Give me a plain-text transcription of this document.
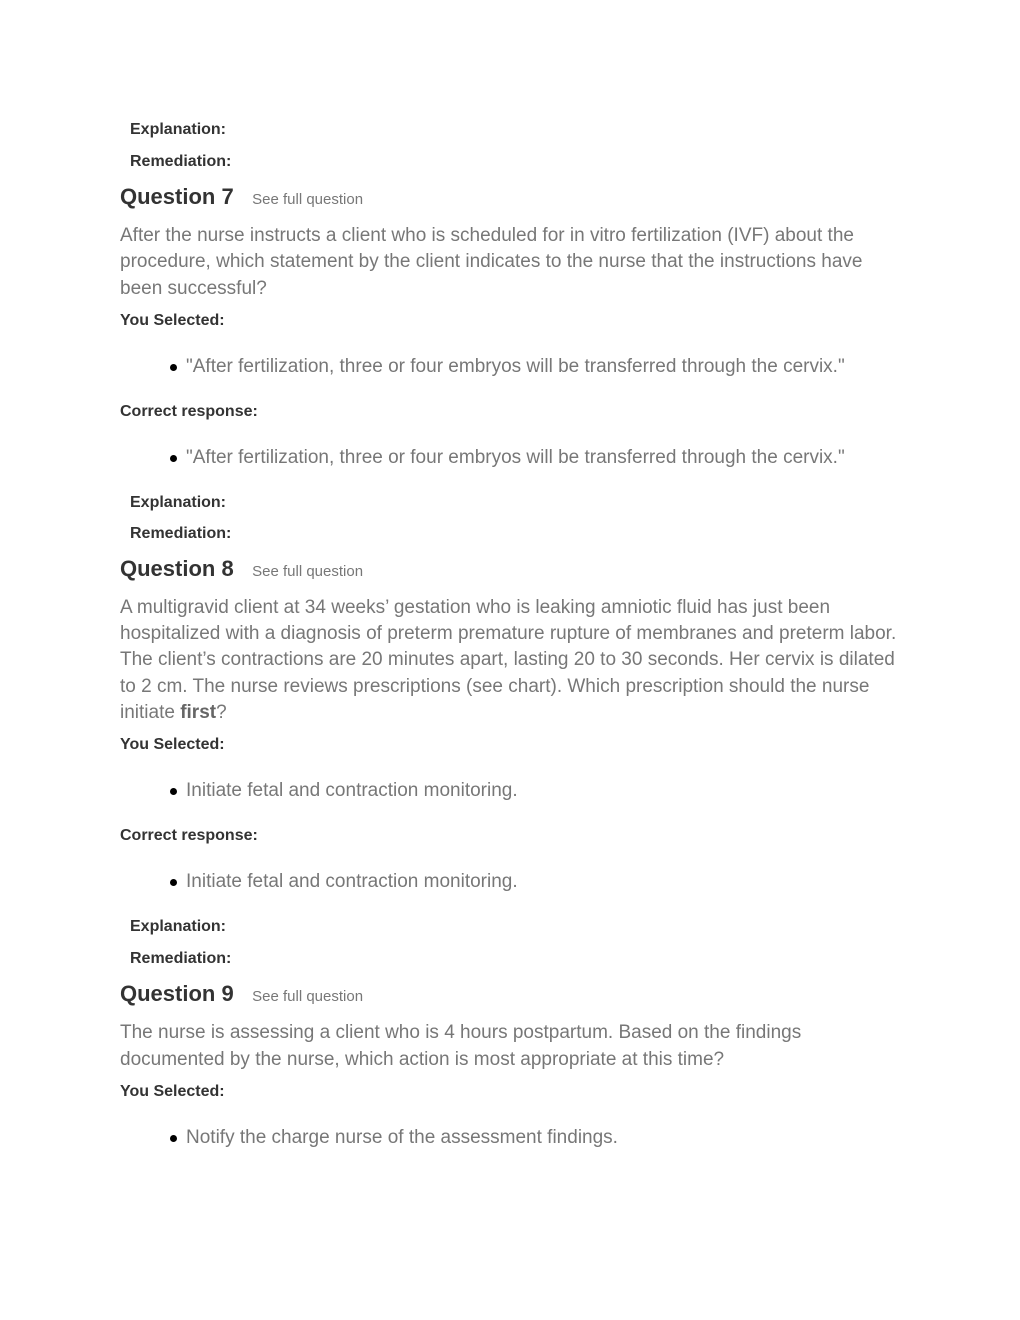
Explanation:
Remediation:
Question 7 See full question
After the nurse instructs a client who is scheduled for in vitro fertilization (IVF) about the procedure, which statement by the client indicates to the nurse that the instructions have been successful?
You Selected:
"After fertilization, three or four embryos will be transferred through the cervix."
Correct response:
"After fertilization, three or four embryos will be transferred through the cervix."
Explanation:
Remediation:
Question 8 See full question
A multigravid client at 34 weeks’ gestation who is leaking amniotic fluid has just been hospitalized with a diagnosis of preterm premature rupture of membranes and preterm labor. The client’s contractions are 20 minutes apart, lasting 20 to 30 seconds. Her cervix is dilated to 2 cm. The nurse reviews prescriptions (see chart). Which prescription should the nurse initiate first?
You Selected:
Initiate fetal and contraction monitoring.
Correct response:
Initiate fetal and contraction monitoring.
Explanation:
Remediation:
Question 9 See full question
The nurse is assessing a client who is 4 hours postpartum. Based on the findings documented by the nurse, which action is most appropriate at this time?
You Selected:
Notify the charge nurse of the assessment findings.
